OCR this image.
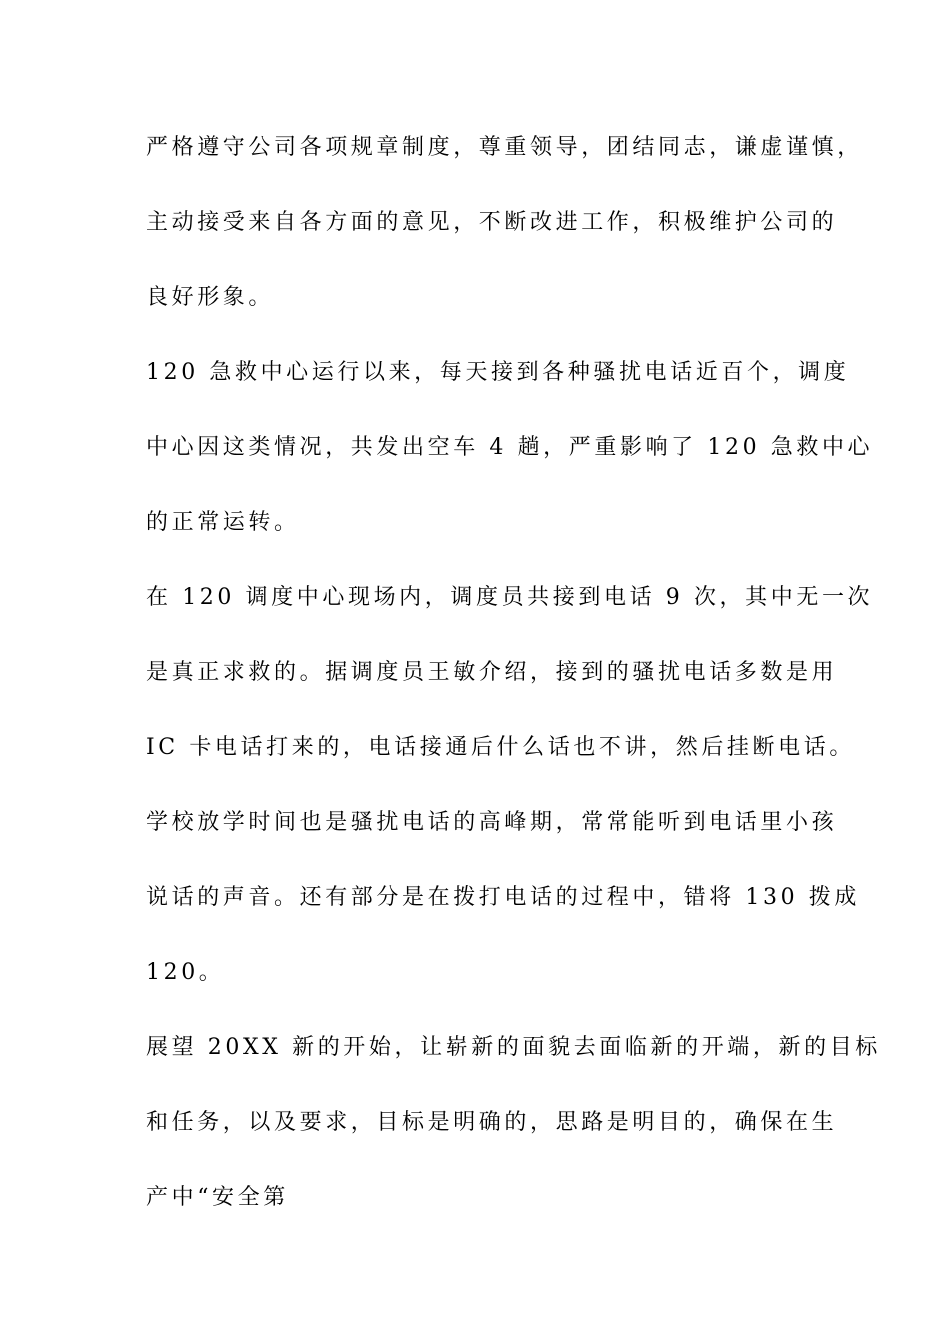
严格遵守公司各项规章制度，尊重领导，团结同志，谦虚谨慎，
主动接受来自各方面的意见，不断改进工作，积极维护公司的
良好形象。
120 急救中心运行以来，每天接到各种骚扰电话近百个，调度
中心因这类情况，共发出空车 4 趟，严重影响了 120 急救中心
的正常运转。
在 120 调度中心现场内，调度员共接到电话 9 次，其中无一次
是真正求救的。据调度员王敏介绍，接到的骚扰电话多数是用
IC 卡电话打来的，电话接通后什么话也不讲，然后挂断电话。
学校放学时间也是骚扰电话的高峰期，常常能听到电话里小孩
说话的声音。还有部分是在拨打电话的过程中，错将 130 拨成
120。
展望 20XX 新的开始，让崭新的面貌去面临新的开端，新的目标
和任务，以及要求，目标是明确的，思路是明目的，确保在生
产中“安全第
